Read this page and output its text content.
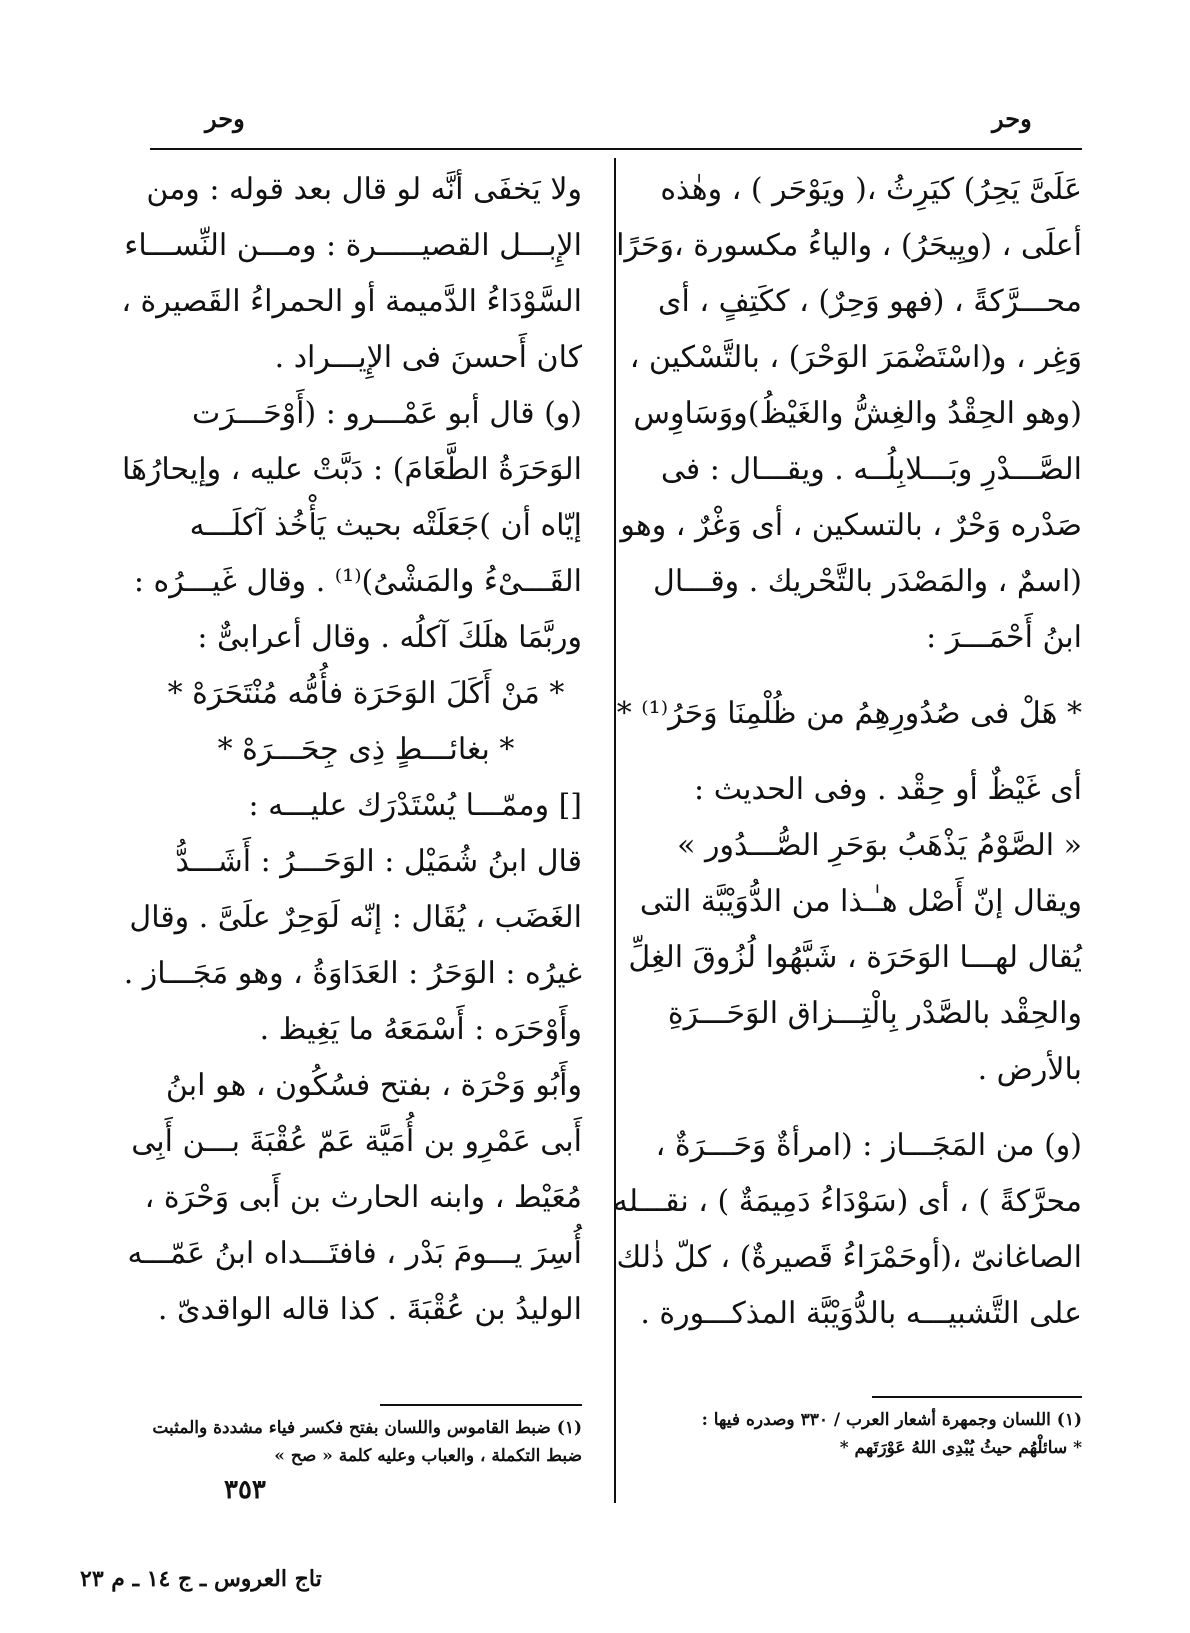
وحر
وحر
عَلَىَّ يَحِرُ) كيَرِثُ ،( ويَوْحَر ) ، وهٰذه
أعلَى ، (ويِيحَرُ) ، والياءُ مكسورة ،وَحَرًا
محـــرَّكةً ، (فهو وَحِرٌ) ، ككَتِفٍ ، أى
وَغِر ، و(اسْتَضْمَرَ الوَحْرَ) ، بالتَّسْكين ،
(وهو الحِقْدُ والغِشُّ والغَيْظُ)ووَسَاوِس
الصَّـــدْرِ وبَـــلابِلُــه . ويقـــال : فى
صَدْره وَحْرٌ ، بالتسكين ، أى وَغْرٌ ، وهو
(اسمٌ ، والمَصْدَر بالتَّحْريك . وقـــال
ابنُ أَحْمَـــرَ :
* هَلْ فى صُدُورِهِمُ من ظُلْمِنَا وَحَرُ⁽¹⁾ *
أى غَيْظٌ أو حِقْد . وفى الحديث :
« الصَّوْمُ يَذْهَبُ بوَحَرِ الصُّـــدُور »
ويقال إنّ أَصْل هـٰـذا من الدُّوَيْبَّة التى
يُقال لهـــا الوَحَرَة ، شَبَّهُوا لُزُوقَ الغِلِّ
والحِقْد بالصَّدْر بِالْتِـــزاق الوَحَـــرَةِ
بالأرض .
(و) من المَجَـــاز : (امرأةٌ وَحَـــرَةٌ ،
محرَّكةً ) ، أى (سَوْدَاءُ دَمِيمَةٌ ) ، نقـــله
الصاغانىّ ،(أوحَمْرَاءُ قَصيرةٌ) ، كلّ ذٰلك
على التَّشبيـــه بالدُّوَيْبَّة المذكـــورة .
ولا يَخفَى أنَّه لو قال بعد قوله : ومن
الإِبـــل القصيـــــرة : ومـــن النِّســـاء
السَّوْدَاءُ الدَّميمة أو الحمراءُ القَصيرة ،
كان أَحسنَ فى الإِيـــراد .
(و) قال أبو عَمْـــرو : (أَوْحَـــرَت
الوَحَرَةُ الطَّعَامَ) : دَبَّتْ عليه ، وإيحارُهَا
إيّاه أن )جَعَلَتْه بحيث يَأْخُذ آكلَـــه
القَـــىْءُ والمَشْىُ)⁽¹⁾ . وقال غَيـــرُه :
وربَّمَا هلَكَ آكلُه . وقال أعرابىٌّ :
* مَنْ أَكَلَ الوَحَرَة فأُمُّه مُنْتَحَرَهْ *
* بغائـــطٍ ذِى جِحَـــرَهْ *
[] وممّـــا يُسْتَدْرَك عليـــه :
قال ابنُ شُمَيْل : الوَحَـــرُ : أَشَـــدُّ
الغَضَب ، يُقَال : إنّه لَوَحِرٌ علَىَّ . وقال
غيرُه : الوَحَرُ : العَدَاوَةُ ، وهو مَجَـــاز .
وأَوْحَرَه : أَسْمَعَهُ ما يَغِيظ .
وأَبُو وَحْرَة ، بفتح فسُكُون ، هو ابنُ
أَبى عَمْرِو بن أُمَيَّة عَمّ عُقْبَةَ بـــن أَبِى
مُعَيْط ، وابنه الحارث بن أَبى وَحْرَة ،
أُسِرَ يـــومَ بَدْر ، فافتَـــداه ابنُ عَمّـــه
الوليدُ بن عُقْبَةَ . كذا قاله الواقدىّ .
(١) اللسان وجمهرة أشعار العرب / ٣٣٠ وصدره فيها :
* سائلْهُم حيثُ يُبْدِى اللهُ عَوْرَتَهم *
(١) ضبط القاموس واللسان بفتح فكسر فياء مشددة والمثبت
ضبط التكملة ، والعباب وعليه كلمة « صح »
٣٥٣
تاج العروس ـ ج ١٤ ـ م ٢٣
